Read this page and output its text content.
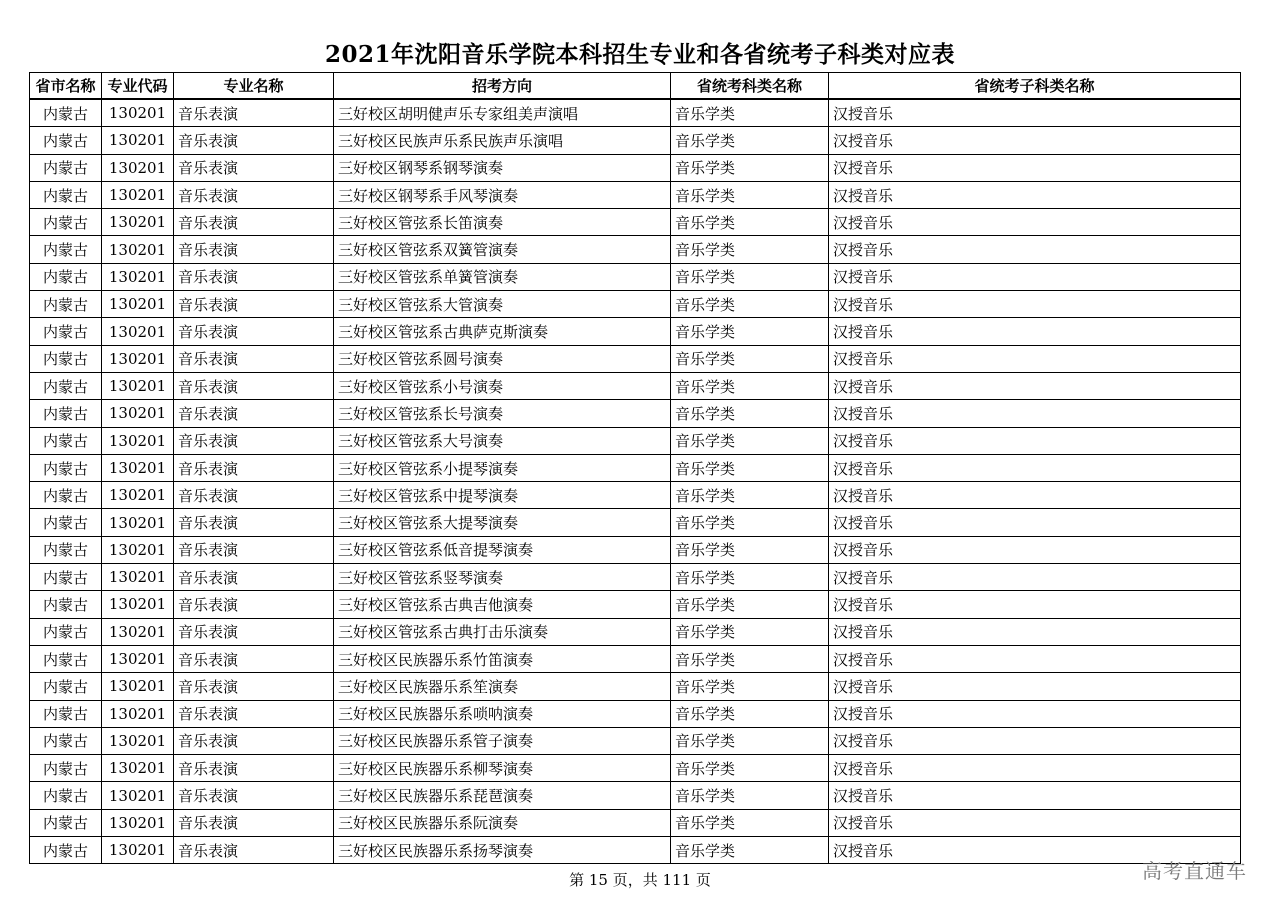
2021年沈阳音乐学院本科招生专业和各省统考子科类对应表
省市名称	专业代码	专业名称	招考方向	省统考科类名称	省统考子科类名称
内蒙古	130201	音乐表演	三好校区胡明健声乐专家组美声演唱	音乐学类	汉授音乐
内蒙古	130201	音乐表演	三好校区民族声乐系民族声乐演唱	音乐学类	汉授音乐
内蒙古	130201	音乐表演	三好校区钢琴系钢琴演奏	音乐学类	汉授音乐
内蒙古	130201	音乐表演	三好校区钢琴系手风琴演奏	音乐学类	汉授音乐
内蒙古	130201	音乐表演	三好校区管弦系长笛演奏	音乐学类	汉授音乐
内蒙古	130201	音乐表演	三好校区管弦系双簧管演奏	音乐学类	汉授音乐
内蒙古	130201	音乐表演	三好校区管弦系单簧管演奏	音乐学类	汉授音乐
内蒙古	130201	音乐表演	三好校区管弦系大管演奏	音乐学类	汉授音乐
内蒙古	130201	音乐表演	三好校区管弦系古典萨克斯演奏	音乐学类	汉授音乐
内蒙古	130201	音乐表演	三好校区管弦系圆号演奏	音乐学类	汉授音乐
内蒙古	130201	音乐表演	三好校区管弦系小号演奏	音乐学类	汉授音乐
内蒙古	130201	音乐表演	三好校区管弦系长号演奏	音乐学类	汉授音乐
内蒙古	130201	音乐表演	三好校区管弦系大号演奏	音乐学类	汉授音乐
内蒙古	130201	音乐表演	三好校区管弦系小提琴演奏	音乐学类	汉授音乐
内蒙古	130201	音乐表演	三好校区管弦系中提琴演奏	音乐学类	汉授音乐
内蒙古	130201	音乐表演	三好校区管弦系大提琴演奏	音乐学类	汉授音乐
内蒙古	130201	音乐表演	三好校区管弦系低音提琴演奏	音乐学类	汉授音乐
内蒙古	130201	音乐表演	三好校区管弦系竖琴演奏	音乐学类	汉授音乐
内蒙古	130201	音乐表演	三好校区管弦系古典吉他演奏	音乐学类	汉授音乐
内蒙古	130201	音乐表演	三好校区管弦系古典打击乐演奏	音乐学类	汉授音乐
内蒙古	130201	音乐表演	三好校区民族器乐系竹笛演奏	音乐学类	汉授音乐
内蒙古	130201	音乐表演	三好校区民族器乐系笙演奏	音乐学类	汉授音乐
内蒙古	130201	音乐表演	三好校区民族器乐系唢呐演奏	音乐学类	汉授音乐
内蒙古	130201	音乐表演	三好校区民族器乐系管子演奏	音乐学类	汉授音乐
内蒙古	130201	音乐表演	三好校区民族器乐系柳琴演奏	音乐学类	汉授音乐
内蒙古	130201	音乐表演	三好校区民族器乐系琵琶演奏	音乐学类	汉授音乐
内蒙古	130201	音乐表演	三好校区民族器乐系阮演奏	音乐学类	汉授音乐
内蒙古	130201	音乐表演	三好校区民族器乐系扬琴演奏	音乐学类	汉授音乐
第 15 页，共 111 页	高考直通车
